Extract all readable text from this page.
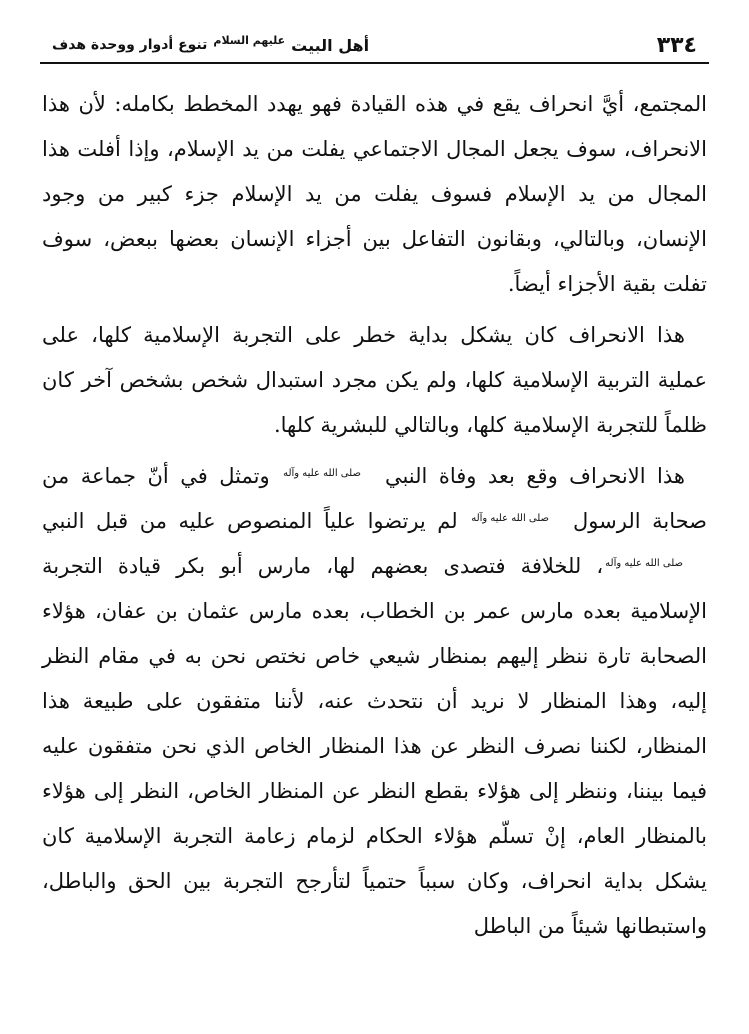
٣٣٤
أهل البيت
عليهم السلام
تنوع أدوار ووحدة هدف

المجتمع، أيَّ انحراف يقع في هذه القيادة فهو يهدد المخطط بكامله: لأن هذا الانحراف، سوف يجعل المجال الاجتماعي يفلت من يد الإسلام، وإذا أفلت هذا المجال من يد الإسلام فسوف يفلت من يد الإسلام جزء كبير من وجود الإنسان، وبالتالي، وبقانون التفاعل بين أجزاء الإنسان بعضها ببعض، سوف تفلت بقية الأجزاء أيضاً.

هذا الانحراف كان يشكل بداية خطر على التجربة الإسلامية كلها، على عملية التربية الإسلامية كلها، ولم يكن مجرد استبدال شخص بشخص آخر كان ظلماً للتجربة الإسلامية كلها، وبالتالي للبشرية كلها.

هذا الانحراف وقع بعد وفاة النبيصلى الله عليه وآله وتمثل في أنّ جماعة من صحابة الرسولصلى الله عليه وآله لم يرتضوا علياً المنصوص عليه من قبل النبيصلى الله عليه وآله، للخلافة فتصدى بعضهم لها، مارس أبو بكر قيادة التجربة الإسلامية بعده مارس عمر بن الخطاب، بعده مارس عثمان بن عفان، هؤلاء الصحابة تارة ننظر إليهم بمنظار شيعي خاص نختص نحن به في مقام النظر إليه، وهذا المنظار لا نريد أن نتحدث عنه، لأننا متفقون على طبيعة هذا المنظار، لكننا نصرف النظر عن هذا المنظار الخاص الذي نحن متفقون عليه فيما بيننا، وننظر إلى هؤلاء بقطع النظر عن المنظار الخاص، النظر إلى هؤلاء بالمنظار العام، إنْ تسلّم هؤلاء الحكام لزمام زعامة التجربة الإسلامية كان يشكل بداية انحراف، وكان سبباً حتمياً لتأرجح التجربة بين الحق والباطل، واستبطانها شيئاً من الباطل
